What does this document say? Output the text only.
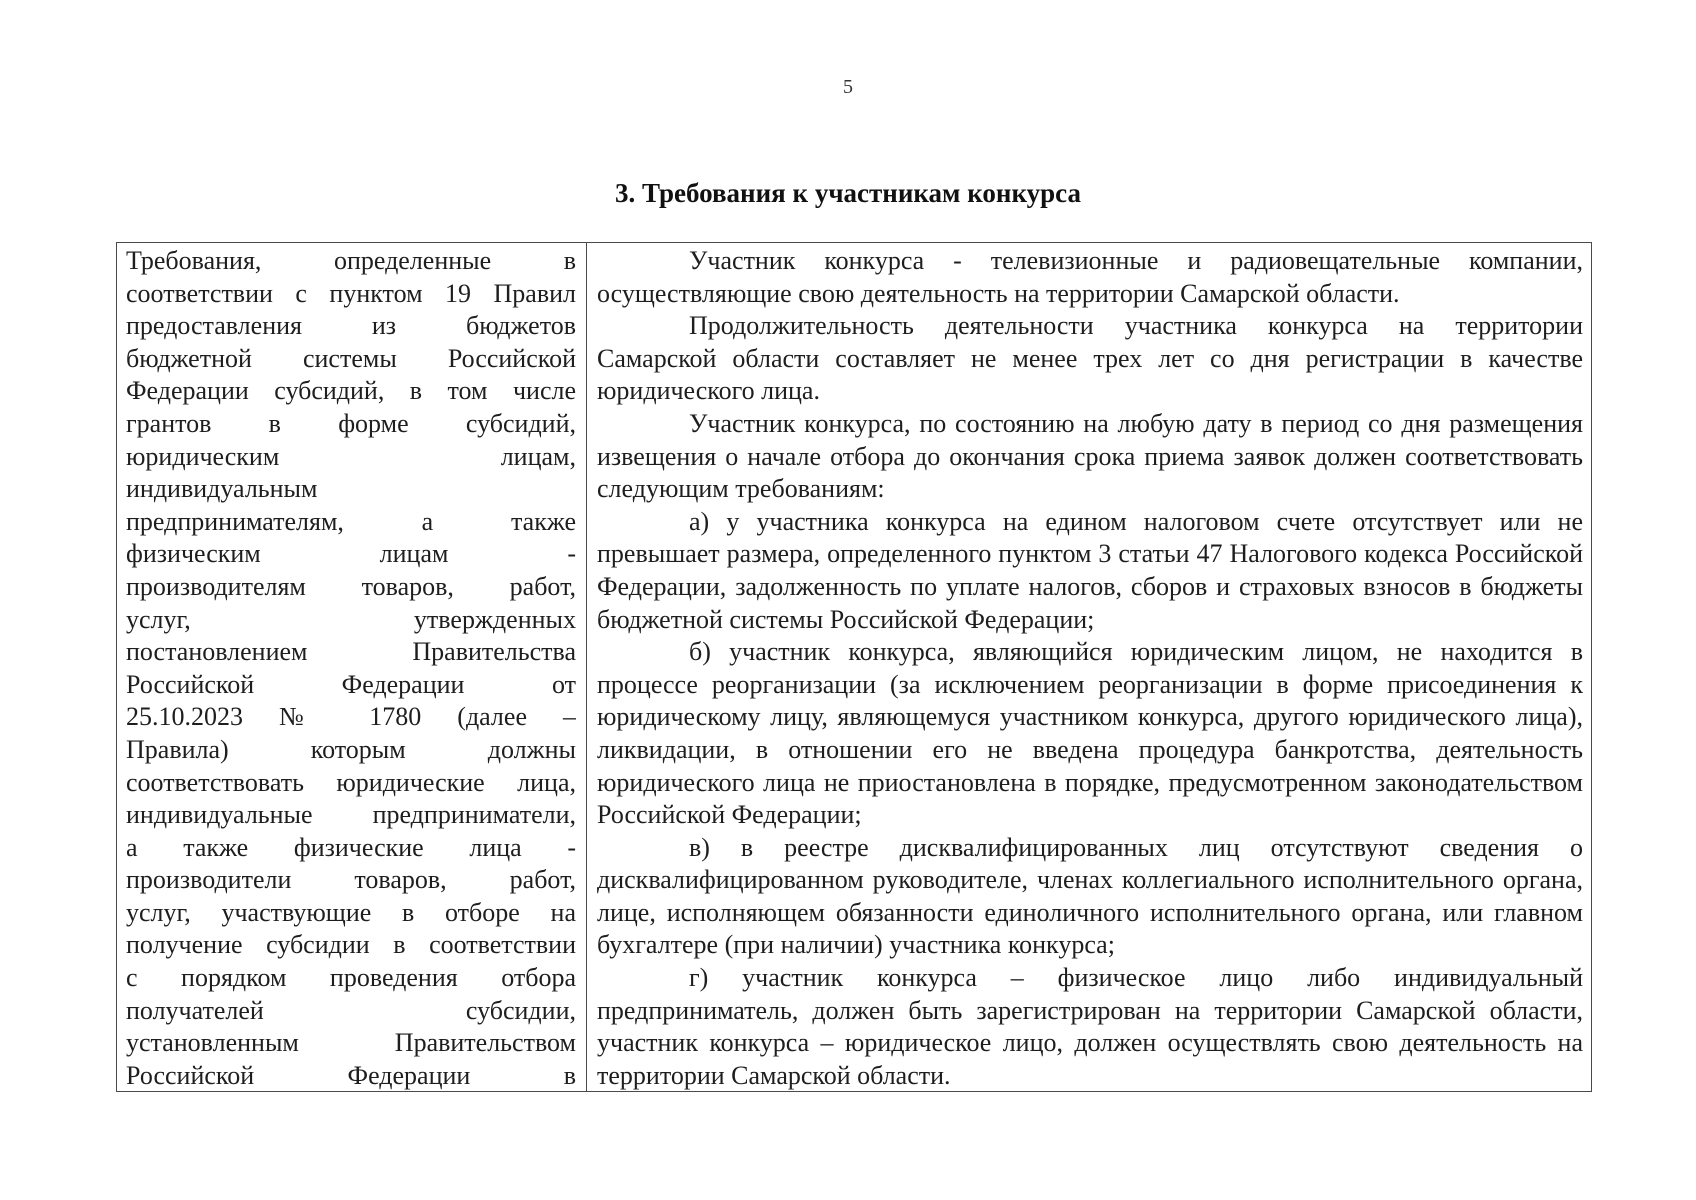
5
3. Требования к участникам конкурса
Требования, определенные в
соответствии с пунктом 19 Правил
предоставления из бюджетов
бюджетной системы Российской
Федерации субсидий, в том числе
грантов в форме субсидий,
юридическим лицам,
индивидуальным
предпринимателям, а также
физическим лицам -
производителям товаров, работ,
услуг, утвержденных
постановлением Правительства
Российской Федерации от
25.10.2023 № 1780 (далее –
Правила) которым должны
соответствовать юридические лица,
индивидуальные предприниматели,
а также физические лица -
производители товаров, работ,
услуг, участвующие в отборе на
получение субсидии в соответствии
с порядком проведения отбора
получателей субсидии,
установленным Правительством
Российской Федерации в

Участник конкурса - телевизионные и радиовещательные компании, осуществляющие свою деятельность на территории Самарской области.

Продолжительность деятельности участника конкурса на территории Самарской области составляет не менее трех лет со дня регистрации в качестве юридического лица.

Участник конкурса, по состоянию на любую дату в период со дня размещения извещения о начале отбора до окончания срока приема заявок должен соответствовать следующим требованиям:

а) у участника конкурса на едином налоговом счете отсутствует или не превышает размера, определенного пунктом 3 статьи 47 Налогового кодекса Российской Федерации, задолженность по уплате налогов, сборов и страховых взносов в бюджеты бюджетной системы Российской Федерации;

б) участник конкурса, являющийся юридическим лицом, не находится в процессе реорганизации (за исключением реорганизации в форме присоединения к юридическому лицу, являющемуся участником конкурса, другого юридического лица), ликвидации, в отношении его не введена процедура банкротства, деятельность юридического лица не приостановлена в порядке, предусмотренном законодательством Российской Федерации;

в) в реестре дисквалифицированных лиц отсутствуют сведения о дисквалифицированном руководителе, членах коллегиального исполнительного органа, лице, исполняющем обязанности единоличного исполнительного органа, или главном бухгалтере (при наличии) участника конкурса;

г) участник конкурса – физическое лицо либо индивидуальный предприниматель, должен быть зарегистрирован на территории Самарской области, участник конкурса – юридическое лицо, должен осуществлять свою деятельность на территории Самарской области.
